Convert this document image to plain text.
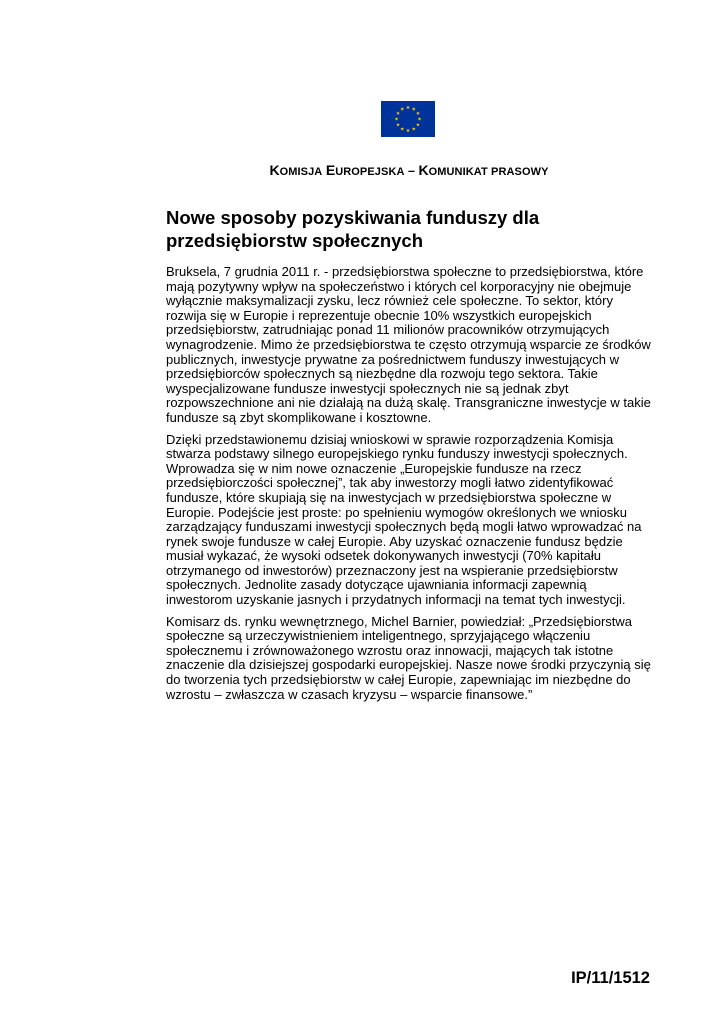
KOMISJA EUROPEJSKA – KOMUNIKAT PRASOWY
Nowe sposoby pozyskiwania funduszy dla przedsiębiorstw społecznych

Bruksela, 7 grudnia 2011 r. - przedsiębiorstwa społeczne to przedsiębiorstwa, które mają pozytywny wpływ na społeczeństwo i których cel korporacyjny nie obejmuje wyłącznie maksymalizacji zysku, lecz również cele społeczne. To sektor, który rozwija się w Europie i reprezentuje obecnie 10% wszystkich europejskich przedsiębiorstw, zatrudniając ponad 11 milionów pracowników otrzymujących wynagrodzenie. Mimo że przedsiębiorstwa te często otrzymują wsparcie ze środków publicznych, inwestycje prywatne za pośrednictwem funduszy inwestujących w przedsiębiorców społecznych są niezbędne dla rozwoju tego sektora. Takie wyspecjalizowane fundusze inwestycji społecznych nie są jednak zbyt rozpowszechnione ani nie działają na dużą skalę. Transgraniczne inwestycje w takie fundusze są zbyt skomplikowane i kosztowne.

Dzięki przedstawionemu dzisiaj wnioskowi w sprawie rozporządzenia Komisja stwarza podstawy silnego europejskiego rynku funduszy inwestycji społecznych. Wprowadza się w nim nowe oznaczenie „Europejskie fundusze na rzecz przedsiębiorczości społecznej”, tak aby inwestorzy mogli łatwo zidentyfikować fundusze, które skupiają się na inwestycjach w przedsiębiorstwa społeczne w Europie. Podejście jest proste: po spełnieniu wymogów określonych we wniosku zarządzający funduszami inwestycji społecznych będą mogli łatwo wprowadzać na rynek swoje fundusze w całej Europie. Aby uzyskać oznaczenie fundusz będzie musiał wykazać, że wysoki odsetek dokonywanych inwestycji (70% kapitału otrzymanego od inwestorów) przeznaczony jest na wspieranie przedsiębiorstw społecznych. Jednolite zasady dotyczące ujawniania informacji zapewnią inwestorom uzyskanie jasnych i przydatnych informacji na temat tych inwestycji.

Komisarz ds. rynku wewnętrznego, Michel Barnier, powiedział: „Przedsiębiorstwa społeczne są urzeczywistnieniem inteligentnego, sprzyjającego włączeniu społecznemu i zrównoważonego wzrostu oraz innowacji, mających tak istotne znaczenie dla dzisiejszej gospodarki europejskiej. Nasze nowe środki przyczynią się do tworzenia tych przedsiębiorstw w całej Europie, zapewniając im niezbędne do wzrostu – zwłaszcza w czasach kryzysu – wsparcie finansowe.”

IP/11/1512
